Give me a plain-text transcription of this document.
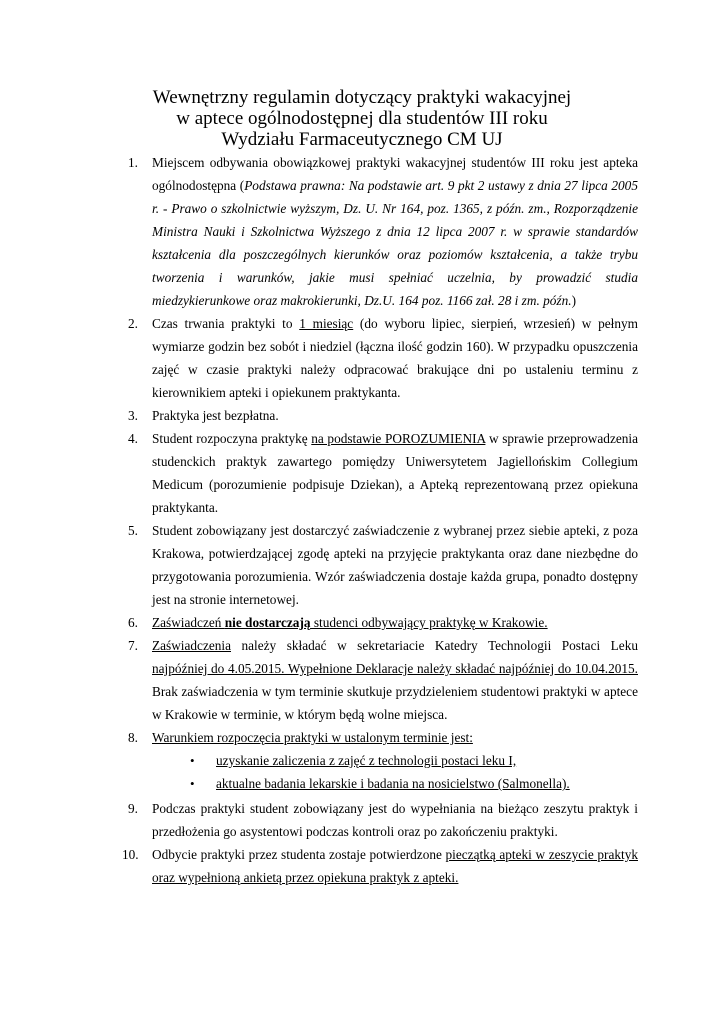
Wewnętrzny regulamin dotyczący praktyki wakacyjnej
w aptece ogólnodostępnej dla studentów III roku
Wydziału Farmaceutycznego CM UJ
1. Miejscem odbywania obowiązkowej praktyki wakacyjnej studentów III roku jest apteka ogólnodostępna (Podstawa prawna: Na podstawie art. 9 pkt 2 ustawy z dnia 27 lipca 2005 r. - Prawo o szkolnictwie wyższym, Dz. U. Nr 164, poz. 1365, z późn. zm., Rozporządzenie Ministra Nauki i Szkolnictwa Wyższego z dnia 12 lipca 2007 r. w sprawie standardów kształcenia dla poszczególnych kierunków oraz poziomów kształcenia, a także trybu tworzenia i warunków, jakie musi spełniać uczelnia, by prowadzić studia miedzykierunkowe oraz makrokierunki, Dz.U. 164 poz. 1166 zał. 28 i zm. późn.)
2. Czas trwania praktyki to 1 miesiąc (do wyboru lipiec, sierpień, wrzesień) w pełnym wymiarze godzin bez sobót i niedziel (łączna ilość godzin 160). W przypadku opuszczenia zajęć w czasie praktyki należy odpracować brakujące dni po ustaleniu terminu z kierownikiem apteki i opiekunem praktykanta.
3. Praktyka jest bezpłatna.
4. Student rozpoczyna praktykę na podstawie POROZUMIENIA w sprawie przeprowadzenia studenckich praktyk zawartego pomiędzy Uniwersytetem Jagiellońskim Collegium Medicum (porozumienie podpisuje Dziekan), a Apteką reprezentowaną przez opiekuna praktykanta.
5. Student zobowiązany jest dostarczyć zaświadczenie z wybranej przez siebie apteki, z poza Krakowa, potwierdzającej zgodę apteki na przyjęcie praktykanta oraz dane niezbędne do przygotowania porozumienia. Wzór zaświadczenia dostaje każda grupa, ponadto dostępny jest na stronie internetowej.
6. Zaświadczeń nie dostarczają studenci odbywający praktykę w Krakowie.
7. Zaświadczenia należy składać w sekretariacie Katedry Technologii Postaci Leku najpóźniej do 4.05.2015. Wypełnione Deklaracje należy składać najpóźniej do 10.04.2015. Brak zaświadczenia w tym terminie skutkuje przydzieleniem studentowi praktyki w aptece w Krakowie w terminie, w którym będą wolne miejsca.
8. Warunkiem rozpoczęcia praktyki w ustalonym terminie jest:
• uzyskanie zaliczenia z zajęć z technologii postaci leku I,
• aktualne badania lekarskie i badania na nosicielstwo (Salmonella).
9. Podczas praktyki student zobowiązany jest do wypełniania na bieżąco zeszytu praktyk i przedłożenia go asystentowi podczas kontroli oraz po zakończeniu praktyki.
10. Odbycie praktyki przez studenta zostaje potwierdzone pieczątką apteki w zeszycie praktyk oraz wypełnioną ankietą przez opiekuna praktyk z apteki.
